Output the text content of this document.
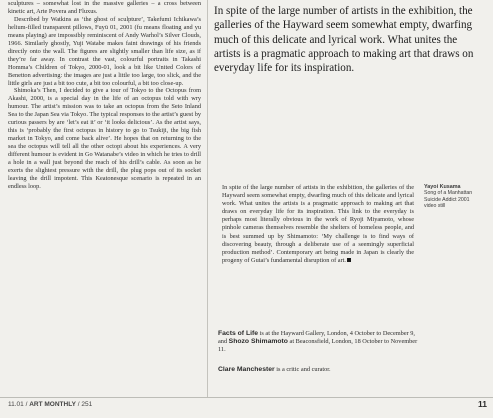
sculptures – somewhat lost in the massive galleries – a cross between kinetic art, Arte Povera and Fluxus.

Described by Watkins as ‘the ghost of sculpture’, Takefumi Ichikawa’s helium-filled transparent pillows, Fuyū 01, 2001 (fu means floating and yu means playing) are impossibly reminiscent of Andy Warhol’s Silver Clouds, 1966. Similarly ghostly, Yuji Watabe makes faint drawings of his friends directly onto the wall. The figures are slightly smaller than life size, as if they’re far away. In contrast the vast, colourful portraits in Takashi Homma’s Children of Tokyo, 2000-01, look a bit like United Colors of Benetton advertising: the images are just a little too large, too slick, and the little girls are just a bit too cute, a bit too colourful, a bit too close-up.

Shimoka’s Then, I decided to give a tour of Tokyo to the Octopus from Akashi, 2000, is a special day in the life of an octopus told with wry humour. The artist’s mission was to take an octopus from the Seto Inland Sea to the Japan Sea via Tokyo. The typical responses to the artist’s guest by curious passers by are ‘let’s eat it’ or ‘it looks delicious’. As the artist says, this is ‘probably the first octopus in history to go to Tsukiji, the big fish market in Tokyo, and come back alive’. He hopes that on returning to the sea the octopus will tell all the other octopi about his experiences. A very different humour is evident in Go Watanabe’s video in which he tries to drill a hole in a wall just beyond the reach of his drill’s cable. As soon as he exerts the slightest pressure with the drill, the plug pops out of its socket leaving the drill impotent. This Keatonesque scenario is repeated in an endless loop.

In spite of the large number of artists in the exhibition, the galleries of the Hayward seem somewhat empty, dwarfing much of this delicate and lyrical work. What unites the artists is a pragmatic approach to making art that draws on everyday life for its inspiration.

In spite of the large number of artists in the exhibition, the galleries of the Hayward seem somewhat empty, dwarfing much of this delicate and lyrical work. What unites the artists is a pragmatic approach to making art that draws on everyday life for its inspiration. This link to the everyday is perhaps most literally obvious in the work of Ryoji Miyamoto, whose pinhole cameras themselves resemble the shelters of homeless people, and is best summed up by Shimamoto: ‘My challenge is to find ways of discovering beauty, through a deliberate use of a seemingly superficial production method’. Contemporary art being made in Japan is clearly the progeny of Gutai’s fundamental disruption of art.

Facts of Life is at the Hayward Gallery, London, 4 October to December 9, and Shozo Shimamoto at Beaconsfield, London, 18 October to November 11.

Clare Manchester is a critic and curator.
Yayoi Kusama
Song of a Manhattan Suicide Addict 2001
video still
11.01 / ART MONTHLY / 251	11
